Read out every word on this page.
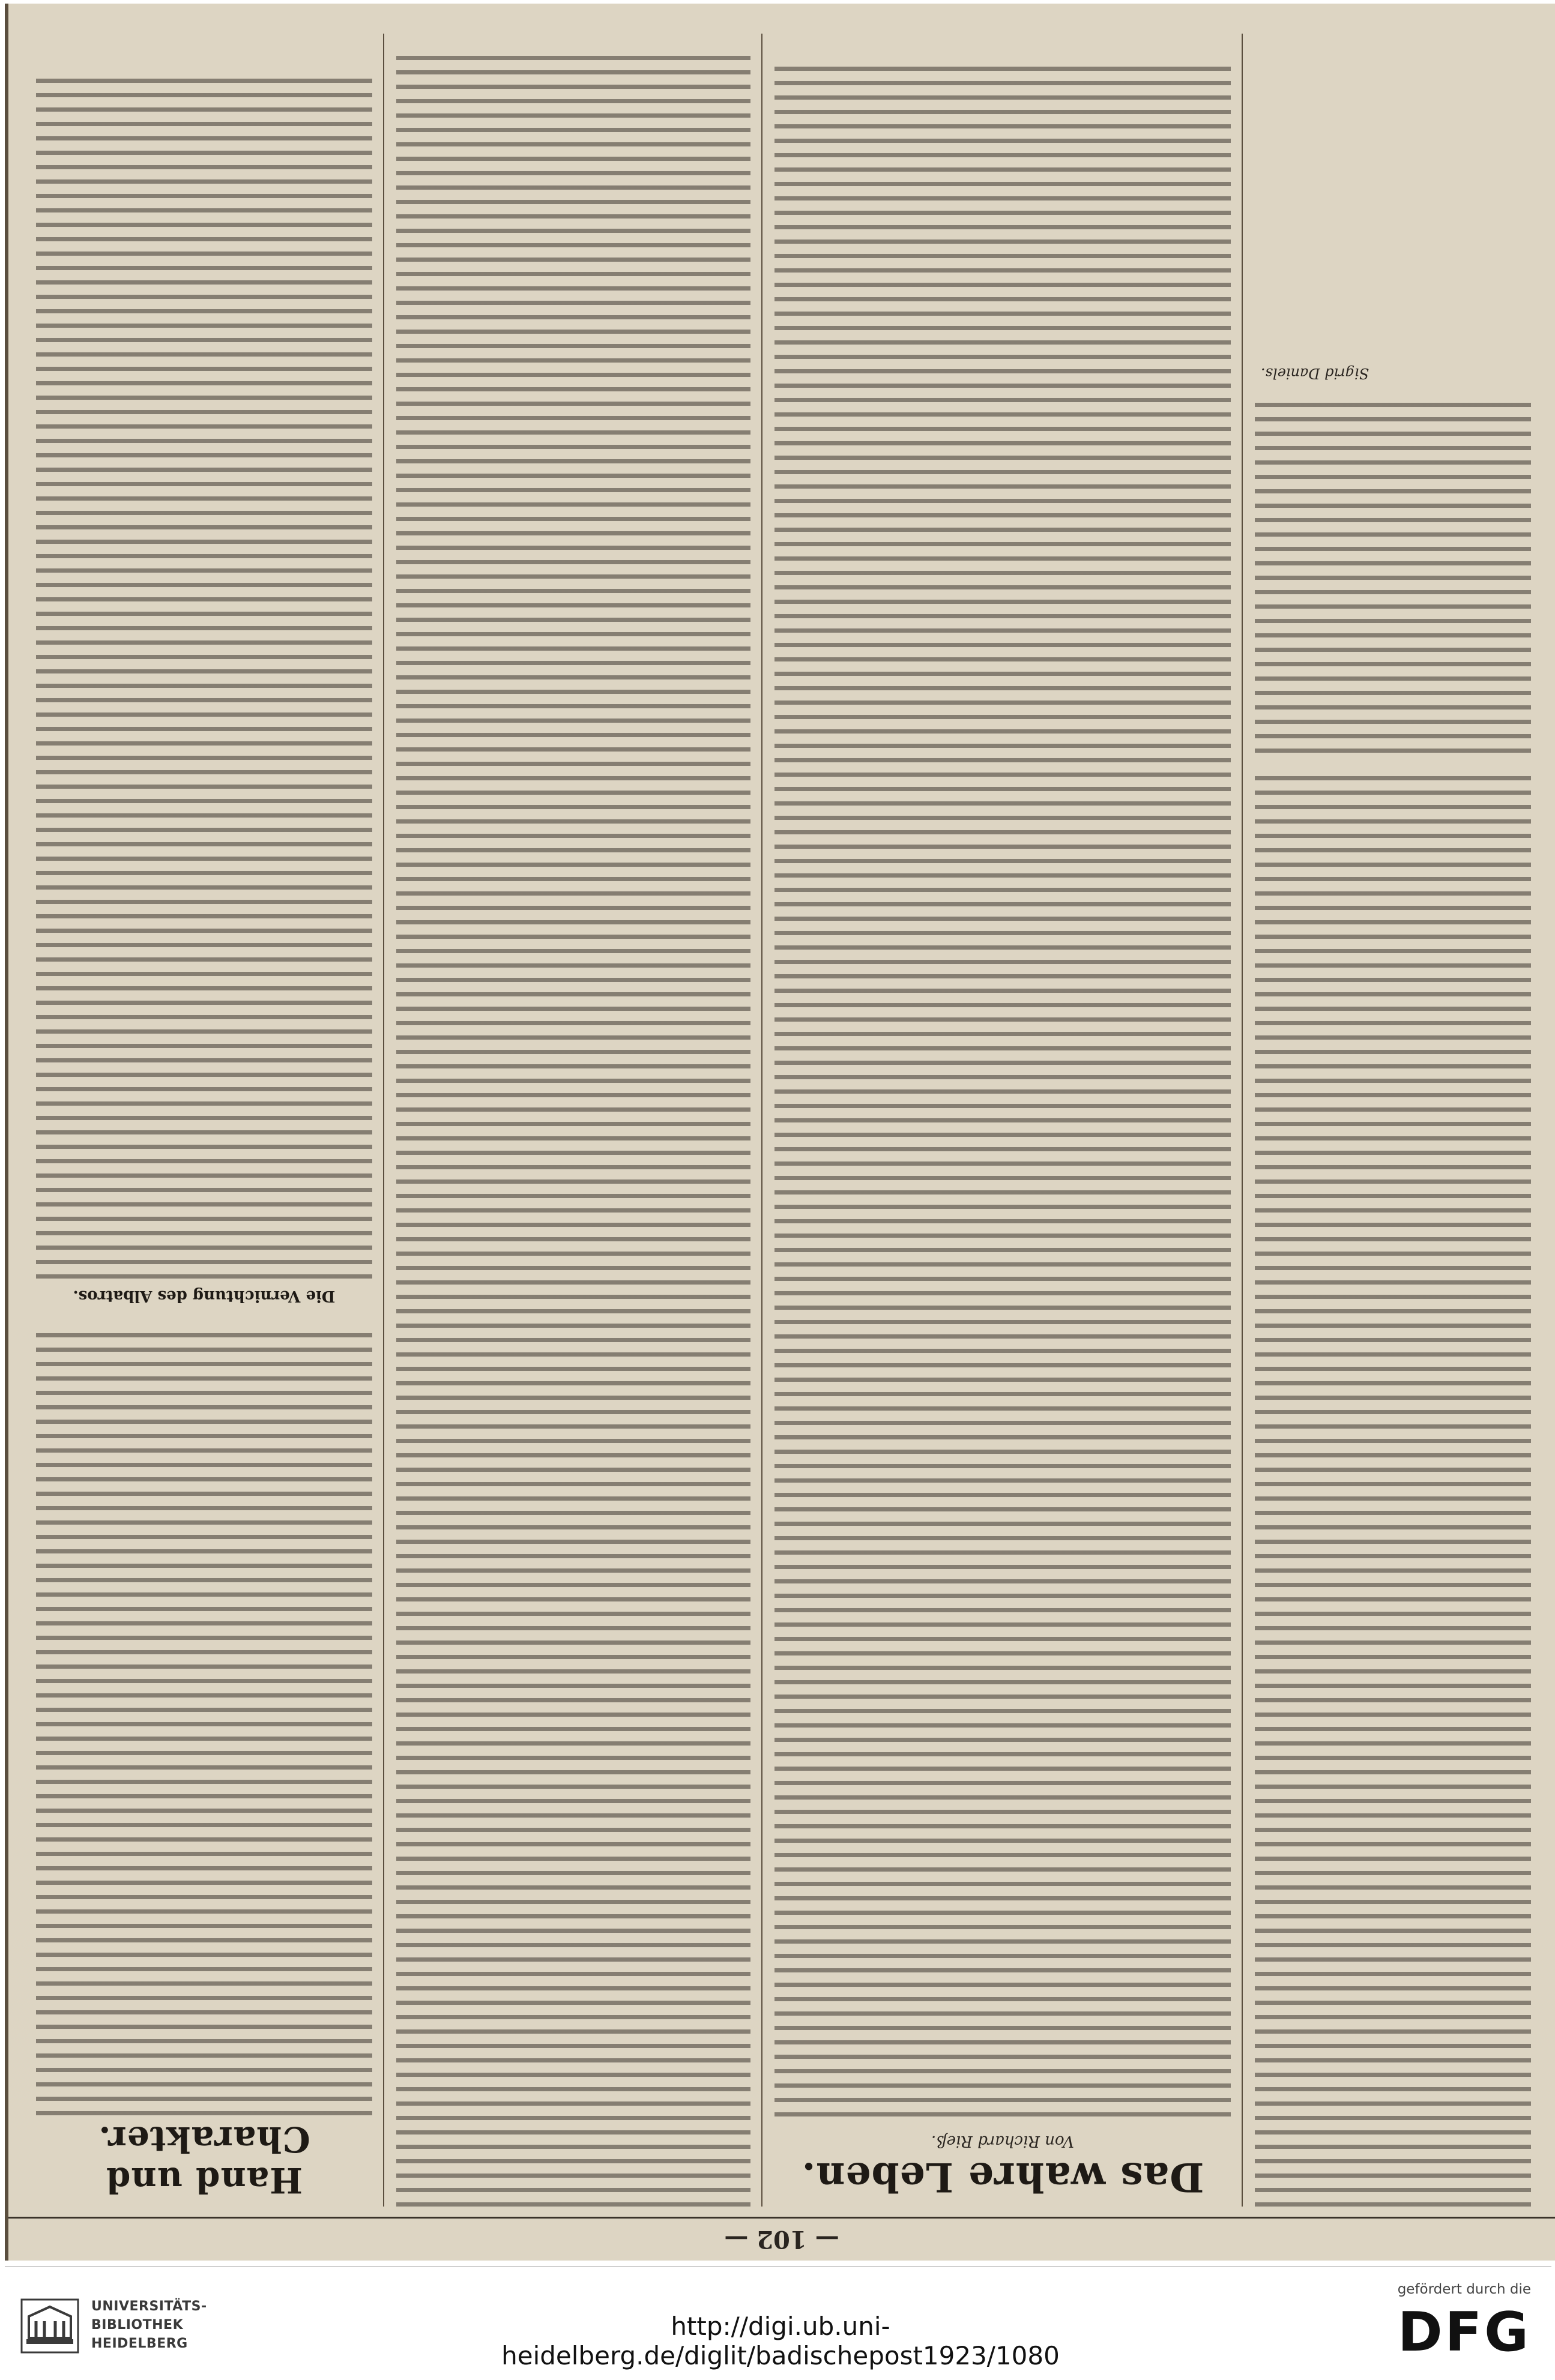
— 102 —
Sigrid Daniels.
Das wahre Leben.
Von Richard Rieß.
Hand und Charakter.
Die Vernichtung des Albatros.
UNIVERSITÄTS-
BIBLIOTHEK
HEIDELBERG
http://digi.ub.uni-heidelberg.de/diglit/badischepost1923/1080
gefördert durch die
DFG
